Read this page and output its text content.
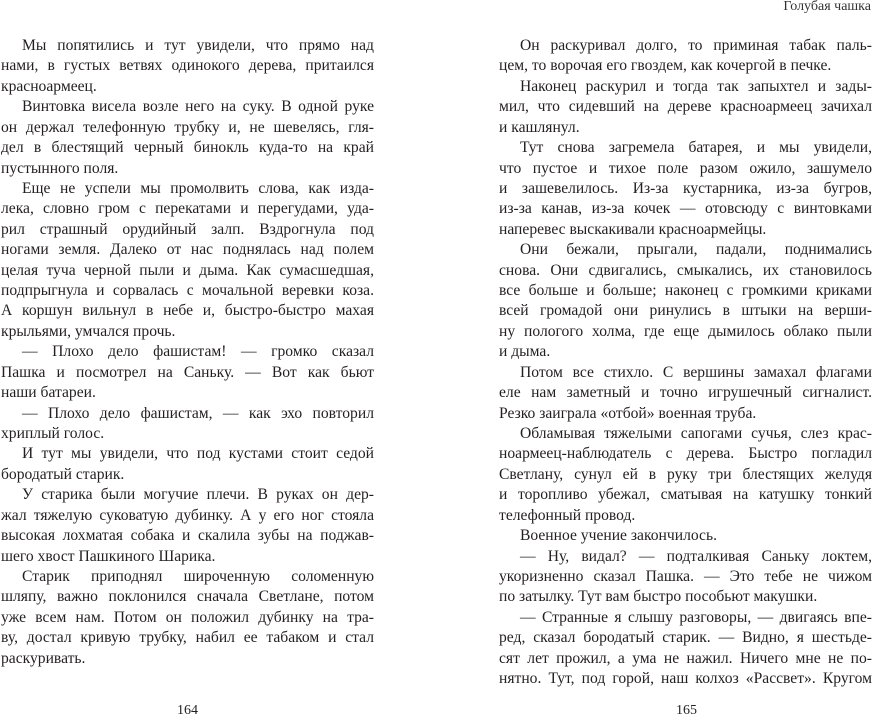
Голубая чашка
Мы попятились и тут увидели, что прямо над
нами, в густых ветвях одинокого дерева, притаился
красноармеец.
Винтовка висела возле него на суку. В одной руке
он держал телефонную трубку и, не шевелясь, гля-
дел в блестящий черный бинокль куда-то на край
пустынного поля.
Еще не успели мы промолвить слова, как изда-
лека, словно гром с перекатами и перегудами, уда-
рил страшный орудийный залп. Вздрогнула под
ногами земля. Далеко от нас поднялась над полем
целая туча черной пыли и дыма. Как сумасшедшая,
подпрыгнула и сорвалась с мочальной веревки коза.
А коршун вильнул в небе и, быстро-быстро махая
крыльями, умчался прочь.
— Плохо дело фашистам! — громко сказал
Пашка и посмотрел на Саньку. — Вот как бьют
наши батареи.
— Плохо дело фашистам, — как эхо повторил
хриплый голос.
И тут мы увидели, что под кустами стоит седой
бородатый старик.
У старика были могучие плечи. В руках он дер-
жал тяжелую суковатую дубинку. А у его ног стояла
высокая лохматая собака и скалила зубы на поджав-
шего хвост Пашкиного Шарика.
Старик приподнял широченную соломенную
шляпу, важно поклонился сначала Светлане, потом
уже всем нам. Потом он положил дубинку на тра-
ву, достал кривую трубку, набил ее табаком и стал
раскуривать.
Он раскуривал долго, то приминая табак паль-
цем, то ворочая его гвоздем, как кочергой в печке.
Наконец раскурил и тогда так запыхтел и зады-
мил, что сидевший на дереве красноармеец зачихал
и кашлянул.
Тут снова загремела батарея, и мы увидели,
что пустое и тихое поле разом ожило, зашумело
и зашевелилось. Из-за кустарника, из-за бугров,
из-за канав, из-за кочек — отовсюду с винтовками
наперевес выскакивали красноармейцы.
Они бежали, прыгали, падали, поднимались
снова. Они сдвигались, смыкались, их становилось
все больше и больше; наконец с громкими криками
всей громадой они ринулись в штыки на верши-
ну пологого холма, где еще дымилось облако пыли
и дыма.
Потом все стихло. С вершины замахал флагами
еле нам заметный и точно игрушечный сигналист.
Резко заиграла «отбой» военная труба.
Обламывая тяжелыми сапогами сучья, слез крас-
ноармеец-наблюдатель с дерева. Быстро погладил
Светлану, сунул ей в руку три блестящих желудя
и торопливо убежал, сматывая на катушку тонкий
телефонный провод.
Военное учение закончилось.
— Ну, видал? — подталкивая Саньку локтем,
укоризненно сказал Пашка. — Это тебе не чижом
по затылку. Тут вам быстро пособьют макушки.
— Странные я слышу разговоры, — двигаясь впе-
ред, сказал бородатый старик. — Видно, я шестьде-
сят лет прожил, а ума не нажил. Ничего мне не по-
нятно. Тут, под горой, наш колхоз «Рассвет». Кругом
164	165
